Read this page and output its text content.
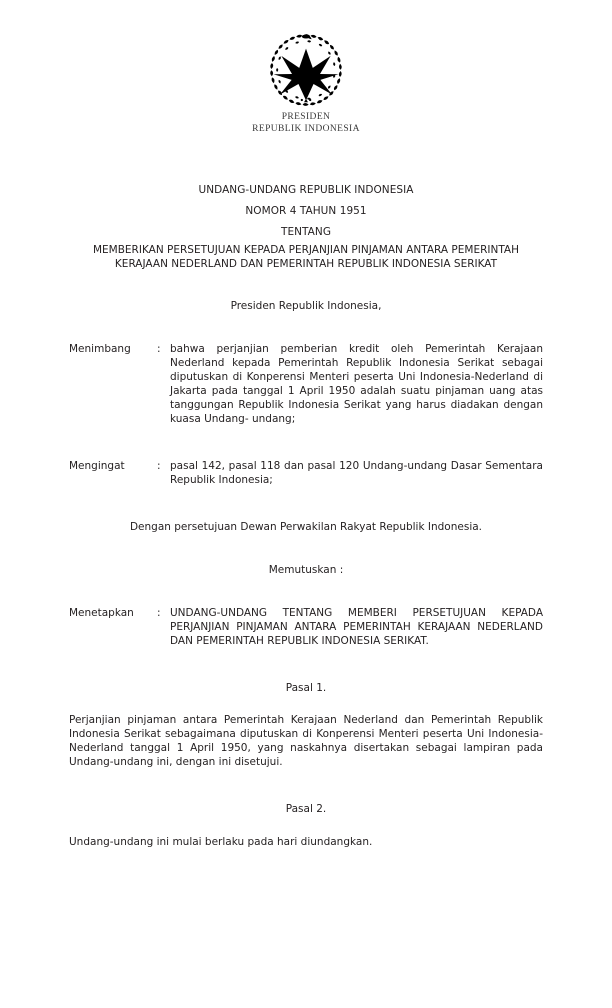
PRESIDEN
REPUBLIK INDONESIA
UNDANG-UNDANG REPUBLIK INDONESIA
NOMOR 4 TAHUN 1951
TENTANG
MEMBERIKAN PERSETUJUAN KEPADA PERJANJIAN PINJAMAN ANTARA PEMERINTAH KERAJAAN NEDERLAND DAN PEMERINTAH REPUBLIK INDONESIA SERIKAT
Presiden Republik Indonesia,
Menimbang	: bahwa perjanjian pemberian kredit oleh Pemerintah Kerajaan Nederland kepada Pemerintah Republik Indonesia Serikat sebagai diputuskan di Konperensi Menteri peserta Uni Indonesia-Nederland di Jakarta pada tanggal 1 April 1950 adalah suatu pinjaman uang atas tanggungan Republik Indonesia Serikat yang harus diadakan dengan kuasa Undang- undang;
Mengingat	: pasal 142, pasal 118 dan pasal 120 Undang-undang Dasar Sementara Republik Indonesia;
Dengan persetujuan Dewan Perwakilan Rakyat Republik Indonesia.
Memutuskan :
Menetapkan	: UNDANG-UNDANG TENTANG MEMBERI PERSETUJUAN KEPADA PERJANJIAN PINJAMAN ANTARA PEMERINTAH KERAJAAN NEDERLAND DAN PEMERINTAH REPUBLIK INDONESIA SERIKAT.
Pasal 1.
Perjanjian pinjaman antara Pemerintah Kerajaan Nederland dan Pemerintah Republik Indonesia Serikat sebagaimana diputuskan di Konperensi Menteri peserta Uni Indonesia-Nederland tanggal 1 April 1950, yang naskahnya disertakan sebagai lampiran pada Undang-undang ini, dengan ini disetujui.
Pasal 2.
Undang-undang ini mulai berlaku pada hari diundangkan.
